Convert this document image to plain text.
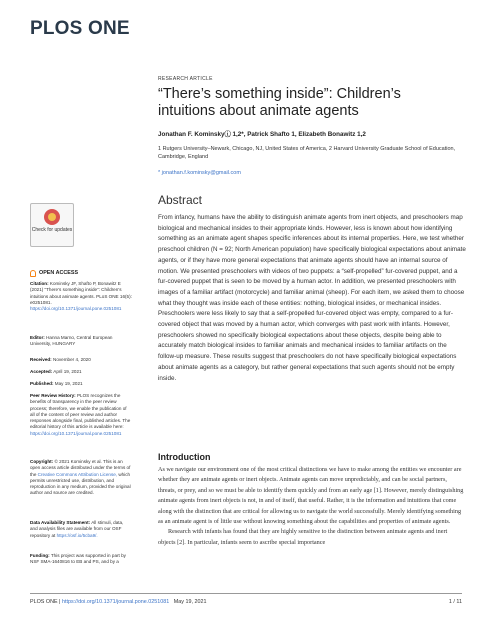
PLOS ONE
RESEARCH ARTICLE
“There’s something inside”: Children’s intuitions about animate agents
Jonathan F. Kominskyⓘ 1,2*, Patrick Shafto 1, Elizabeth Bonawitz 1,2
1 Rutgers University–Newark, Chicago, NJ, United States of America, 2 Harvard University Graduate School of Education, Cambridge, England
* jonathan.f.kominsky@gmail.com
Check for updates
OPEN ACCESS
Citation: Kominsky JF, Shafto P, Bonawitz E (2021) “There’s something inside”: Children’s intuitions about animate agents. PLoS ONE 16(5): e0251081. https://doi.org/10.1371/journal.pone.0251081
Editor: Hanna Marno, Central European University, HUNGARY
Received: November 4, 2020
Accepted: April 19, 2021
Published: May 19, 2021
Peer Review History: PLOS recognizes the benefits of transparency in the peer review process; therefore, we enable the publication of all of the content of peer review and author responses alongside final, published articles. The editorial history of this article is available here: https://doi.org/10.1371/journal.pone.0251081
Copyright: © 2021 Kominsky et al. This is an open access article distributed under the terms of the Creative Commons Attribution License, which permits unrestricted use, distribution, and reproduction in any medium, provided the original author and source are credited.
Data Availability Statement: All stimuli, data, and analysis files are available from our OSF repository at https://osf.io/5cba9/.
Funding: This project was supported in part by NSF SMA-1640816 to EB and PS, and by a
Abstract
From infancy, humans have the ability to distinguish animate agents from inert objects, and preschoolers map biological and mechanical insides to their appropriate kinds. However, less is known about how identifying something as an animate agent shapes specific inferences about its internal properties. Here, we test whether preschool children (N = 92; North American population) have specifically biological expectations about animate agents, or if they have more general expectations that animate agents should have an internal source of motion. We presented preschoolers with videos of two puppets: a “self-propelled” fur-covered puppet, and a fur-covered puppet that is seen to be moved by a human actor. In addition, we presented preschoolers with images of a familiar artifact (motorcycle) and familiar animal (sheep). For each item, we asked them to choose what they thought was inside each of these entities: nothing, biological insides, or mechanical insides. Preschoolers were less likely to say that a self-propelled fur-covered object was empty, compared to a fur-covered object that was moved by a human actor, which converges with past work with infants. However, preschoolers showed no specifically biological expectations about these objects, despite being able to accurately match biological insides to familiar animals and mechanical insides to familiar artifacts on the follow-up measure. These results suggest that preschoolers do not have specifically biological expectations about animate agents as a category, but rather general expectations that such agents should not be empty inside.
Introduction

As we navigate our environment one of the most critical distinctions we have to make among the entities we encounter are whether they are animate agents or inert objects. Animate agents can move unpredictably, and can be social partners, threats, or prey, and so we must be able to identify them quickly and from an early age [1]. However, merely distinguishing animate agents from inert objects is not, in and of itself, that useful. Rather, it is the information and intuitions that come along with the distinction that are critical for allowing us to navigate the world successfully. Merely identifying something as an animate agent is of little use without knowing something about the capabilities and properties of animate agents.

Research with infants has found that they are highly sensitive to the distinction between animate agents and inert objects [2]. In particular, infants seem to ascribe special importance

PLOS ONE | https://doi.org/10.1371/journal.pone.0251081 May 19, 2021	1 / 11
